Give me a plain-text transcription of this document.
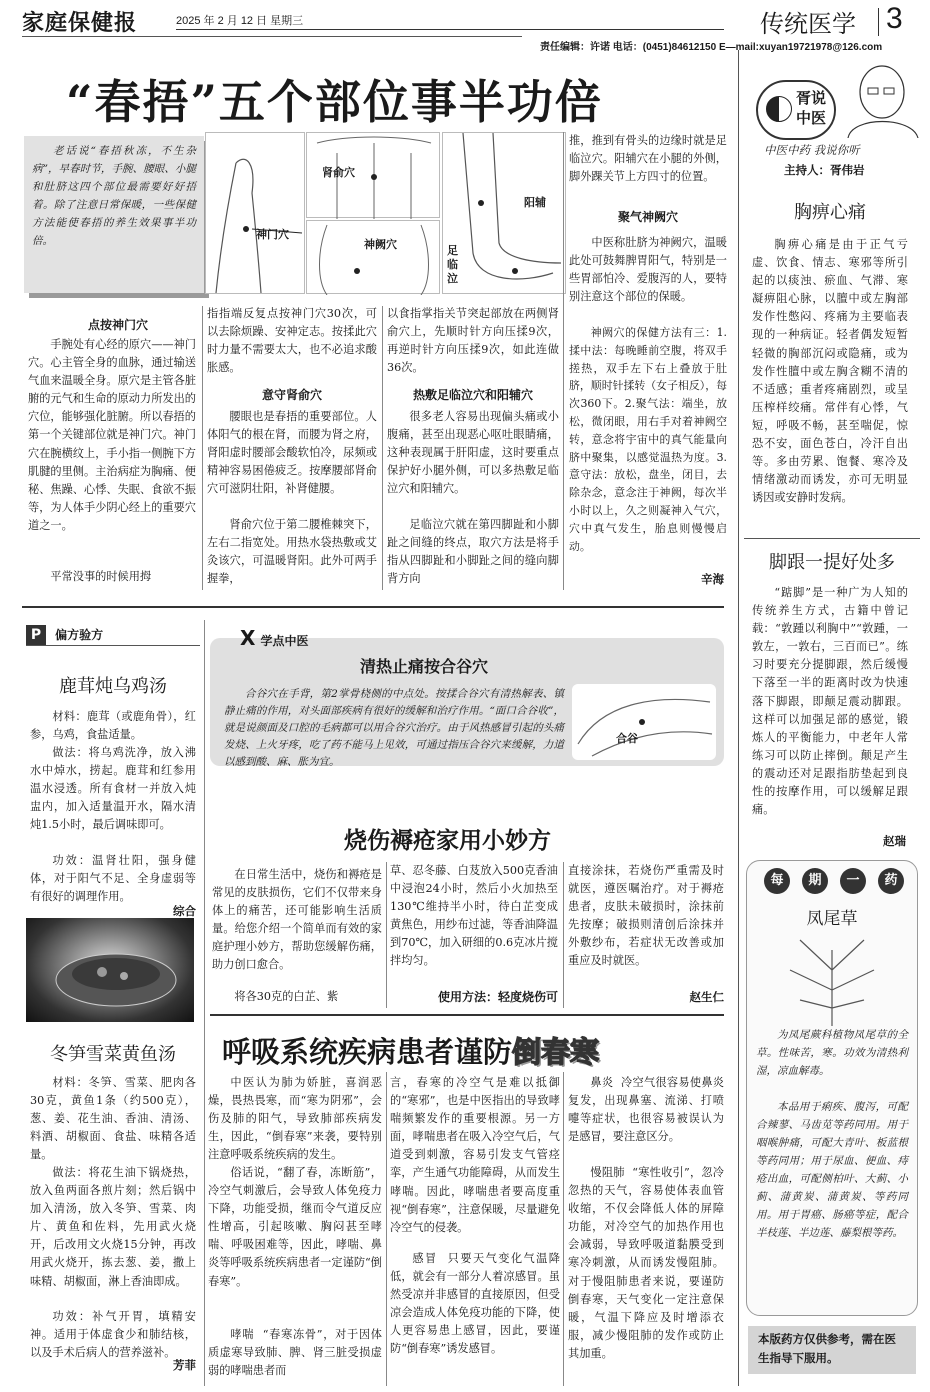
家庭保健报	2025 年 2 月 12 日 星期三	传统医学 3
责任编辑：许诺 电话：(0451)84612150 E—mail:xuyan19721978@126.com
“春捂”五个部位事半功倍
老话说“春捂秋冻，不生杂病”，早春时节，手腕、腰眼、小腿和肚脐这四个部位最需要好好捂着。除了注意日常保暖，一些保健方法能使春捂的养生效果事半功倍。	神门穴
肾俞穴
神阙穴
阳辅
足临泣
点按神门穴
手腕处有心经的原穴——神门穴。心主管全身的血脉，通过输送气血来温暖全身。原穴是主管各脏腑的元气和生命的原动力所发出的穴位，能够强化脏腑。所以春捂的第一个关键部位就是神门穴。神门穴在腕横纹上，手小指一侧腕下方肌腱的里侧。主治病症为胸痛、便秘、焦躁、心悸、失眠、食欲不振等，为人体手少阴心经上的重要穴道之一。
平常没事的时候用拇
指指端反复点按神门穴30次，可以去除烦躁、安神定志。按揉此穴时力量不需要太大，也不必追求酸胀感。
意守肾俞穴
腰眼也是春捂的重要部位。人体阳气的根在肾，而腰为肾之府，肾阳虚时腰部会酸软怕冷，尿频或精神容易困倦疲乏。按摩腰部肾俞穴可滋阴壮阳，补肾健腰。
肾俞穴位于第二腰椎棘突下，左右二指宽处。用热水袋热敷或艾灸该穴，可温暖肾阳。此外可两手握拳，
以食指掌指关节突起部放在两侧肾俞穴上，先顺时针方向压揉9次，再逆时针方向压揉9次，如此连做36次。
热敷足临泣穴和阳辅穴
很多老人容易出现偏头痛或小腹痛，甚至出现恶心呕吐眼睛痛，这种表现属于肝阳虚，这时要重点保护好小腿外侧，可以多热敷足临泣穴和阳辅穴。
足临泣穴就在第四脚趾和小脚趾之间缝的终点，取穴方法是将手指从四脚趾和小脚趾之间的缝向脚背方向
推，推到有骨头的边缘时就是足临泣穴。阳辅穴在小腿的外侧，脚外踝关节上方四寸的位置。
聚气神阙穴
中医称肚脐为神阙穴，温暖此处可鼓舞脾胃阳气，特别是一些胃部怕冷、爱腹泻的人，要特别注意这个部位的保暖。
神阙穴的保健方法有三：1.揉中法：每晚睡前空腹，将双手搓热，双手左下右上叠放于肚脐，顺时针揉转（女子相反），每次360下。2.聚气法：端坐，放松，微闭眼，用右手对着神阙空转，意念将宇宙中的真气能量向脐中聚集，以感觉温热为度。3.意守法：放松，盘坐，闭目，去除杂念，意念注于神阙，每次半小时以上，久之则凝神入气穴，穴中真气发生，胎息则慢慢启动。
辛海
胥说中医
中医中药 我说你听
主持人：胥伟岩
胸痹心痛
胸痹心痛是由于正气亏虚、饮食、情志、寒邪等所引起的以痰浊、瘀血、气滞、寒凝痹阻心脉，以膻中或左胸部发作性憋闷、疼痛为主要临表现的一种病证。轻者偶发短暂轻微的胸部沉闷或隐痛，或为发作性膻中或左胸含糊不清的不适感；重者疼痛剧烈，或呈压榨样绞痛。常伴有心悸，气短，呼吸不畅，甚至喘促，惊恐不安，面色苍白，冷汗自出等。多由劳累、饱餐、寒冷及情绪激动而诱发，亦可无明显诱因或安静时发病。
脚跟一提好处多
“踮脚”是一种广为人知的传统养生方式，古籍中曾记载：“敦踵以利胸中”“敦踵，一敦左，一敦右，三百而已”。练习时要充分提脚跟，然后缓慢下落至一半的距离时改为快速落下脚跟，即颠足震动脚跟。这样可以加强足部的感觉，锻炼人的平衡能力，中老年人常练习可以防止摔倒。颠足产生的震动还对足跟指肪垫起到良性的按摩作用，可以缓解足跟痛。
赵瑞
每	期	一	药
凤尾草
为凤尾蕨科植物凤尾草的全草。性味苦，寒。功效为清热利湿，凉血解毒。
本品用于痢疾、腹泻，可配合辣蓼、马齿苋等药同用。用于咽喉肿痛，可配大青叶、板蓝根等药同用；用于尿血、便血、痔疮出血，可配侧柏叶、大蓟、小蓟、蒲黄炭、蒲黄炭、等药同用。用于胃癌、肠癌等症，配合半枝莲、半边莲、藤梨根等药。
本版药方仅供参考，需在医生指导下服用。
P 偏方验方
鹿茸炖乌鸡汤
材料：鹿茸（或鹿角骨），红参，乌鸡，食盐适量。
做法：将乌鸡洗净，放入沸水中焯水，捞起。鹿茸和红参用温水浸透。所有食材一并放入炖盅内，加入适量温开水，隔水清炖1.5小时，最后调味即可。
功效：温肾壮阳，强身健体，对于阳气不足、全身虚弱等有很好的调理作用。
综合
冬笋雪菜黄鱼汤
材料：冬笋、雪菜、肥肉各30克，黄鱼1条（约500克），葱、姜、花生油、香油、清汤、料酒、胡椒面、食盐、味精各适量。
做法：将花生油下锅烧热，放入鱼两面各煎片刻；然后锅中加入清汤，放入冬笋、雪菜、肉片、黄鱼和佐料，先用武火烧开，后改用文火烧15分钟，再改用武火烧开，拣去葱、姜，撒上味精、胡椒面，淋上香油即成。
功效：补气开胃，填精安神。适用于体虚食少和肺结核，以及手术后病人的营养滋补。
芳菲
X 学点中医
清热止痛按合谷穴
合谷穴在手背，第2掌骨桡侧的中点处。按揉合谷穴有清热解表、镇静止痛的作用，对头面部疾病有很好的缓解和治疗作用。“面口合谷收”，就是说颜面及口腔的毛病都可以用合谷穴治疗。由于风热感冒引起的头痛发烧、上火牙疼，吃了药不能马上见效，可通过指压合谷穴来缓解，力道以感到酸、麻、胀为宜。
合谷
烧伤褥疮家用小妙方
在日常生活中，烧伤和褥疮是常见的皮肤损伤，它们不仅带来身体上的痛苦，还可能影响生活质量。给您介绍一个简单而有效的家庭护理小妙方，帮助您缓解伤痛，助力创口愈合。
将各30克的白芷、紫
草、忍冬藤、白芨放入500克香油中浸泡24小时，然后小火加热至130℃维持半小时，待白芷变成黄焦色，用纱布过滤，等香油降温到70℃，加入研细的0.6克冰片搅拌均匀。
使用方法：轻度烧伤可
直接涂抹，若烧伤严重需及时就医，遵医嘱治疗。对于褥疮患者，皮肤未破损时，涂抹前先按摩；破损则清创后涂抹并外敷纱布，若症状无改善或加重应及时就医。
赵生仁
呼吸系统疾病患者谨防倒春寒
中医认为肺为娇脏，喜润恶燥，畏热畏寒，而“寒为阴邪”，会伤及肺的阳气，导致肺部疾病发生，因此，“倒春寒”来袭，要特别注意呼吸系统疾病的发生。
俗话说，“翻了春，冻断筋”，冷空气刺激后，会导致人体免疫力下降，功能受损，继而令气道反应性增高，引起咳嗽、胸闷甚至哮喘、呼吸困难等，因此，哮喘、鼻炎等呼吸系统疾病患者一定谨防“倒春寒”。
哮喘  “春寒冻骨”，对于因体质虚寒导致肺、脾、肾三脏受损虚弱的哮喘患者而
言，春寒的冷空气是难以抵御的“寒邪”，也是中医指出的导致哮喘频繁发作的重要根源。另一方面，哮喘患者在吸入冷空气后，气道受到刺激，容易引发支气管痉挛，产生通气功能障碍，从而发生哮喘。因此，哮喘患者要高度重视“倒春寒”，注意保暖，尽量避免冷空气的侵袭。
感冒  只要天气变化气温降低，就会有一部分人着凉感冒。虽然受凉并非感冒的直接原因，但受凉会造成人体免疫功能的下降，使人更容易患上感冒，因此，要谨防“倒春寒”诱发感冒。
鼻炎  冷空气很容易使鼻炎复发，出现鼻塞、流涕、打喷嚏等症状，也很容易被误认为是感冒，要注意区分。
慢阻肺  “寒性收引”，忽冷忽热的天气，容易使体表血管收缩，不仅会降低人体的屏障功能，对冷空气的加热作用也会减弱，导致呼吸道黏膜受到寒冷刺激，从而诱发慢阻肺。对于慢阻肺患者来说，要谨防倒春寒，天气变化一定注意保暖，气温下降应及时增添衣服，减少慢阻肺的发作或防止其加重。
